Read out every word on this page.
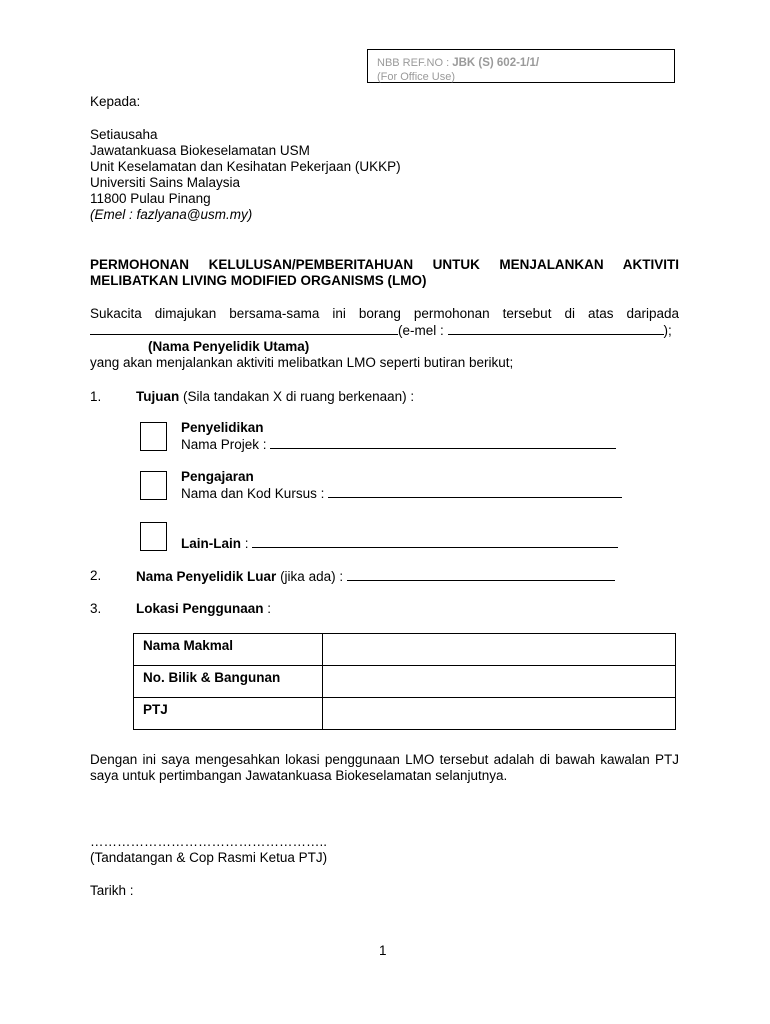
NBB REF.NO : JBK (S) 602-1/1/
(For Office Use)
Kepada:
Setiausaha
Jawatankuasa Biokeselamatan USM
Unit Keselamatan dan Kesihatan Pekerjaan (UKKP)
Universiti Sains Malaysia
11800 Pulau Pinang
(Emel : fazlyana@usm.my)
PERMOHONAN KELULUSAN/PEMBERITAHUAN UNTUK MENJALANKAN AKTIVITI
MELIBATKAN LIVING MODIFIED ORGANISMS (LMO)
Sukacita dimajukan bersama-sama ini borang permohonan tersebut di atas daripada
(e-mel :	);
(Nama Penyelidik Utama)
yang akan menjalankan aktiviti melibatkan LMO seperti butiran berikut;
1.	Tujuan (Sila tandakan X di ruang berkenaan) :
Penyelidikan
Nama Projek :
Pengajaran
Nama dan Kod Kursus :
Lain-Lain :
2.	Nama Penyelidik Luar (jika ada) :
3.	Lokasi Penggunaan :
Nama Makmal	
No. Bilik & Bangunan	
PTJ	
Dengan ini saya mengesahkan lokasi penggunaan LMO tersebut adalah di bawah kawalan PTJ
saya untuk pertimbangan Jawatankuasa Biokeselamatan selanjutnya.
……………………………………………..
(Tandatangan & Cop Rasmi Ketua PTJ)
Tarikh :
1
